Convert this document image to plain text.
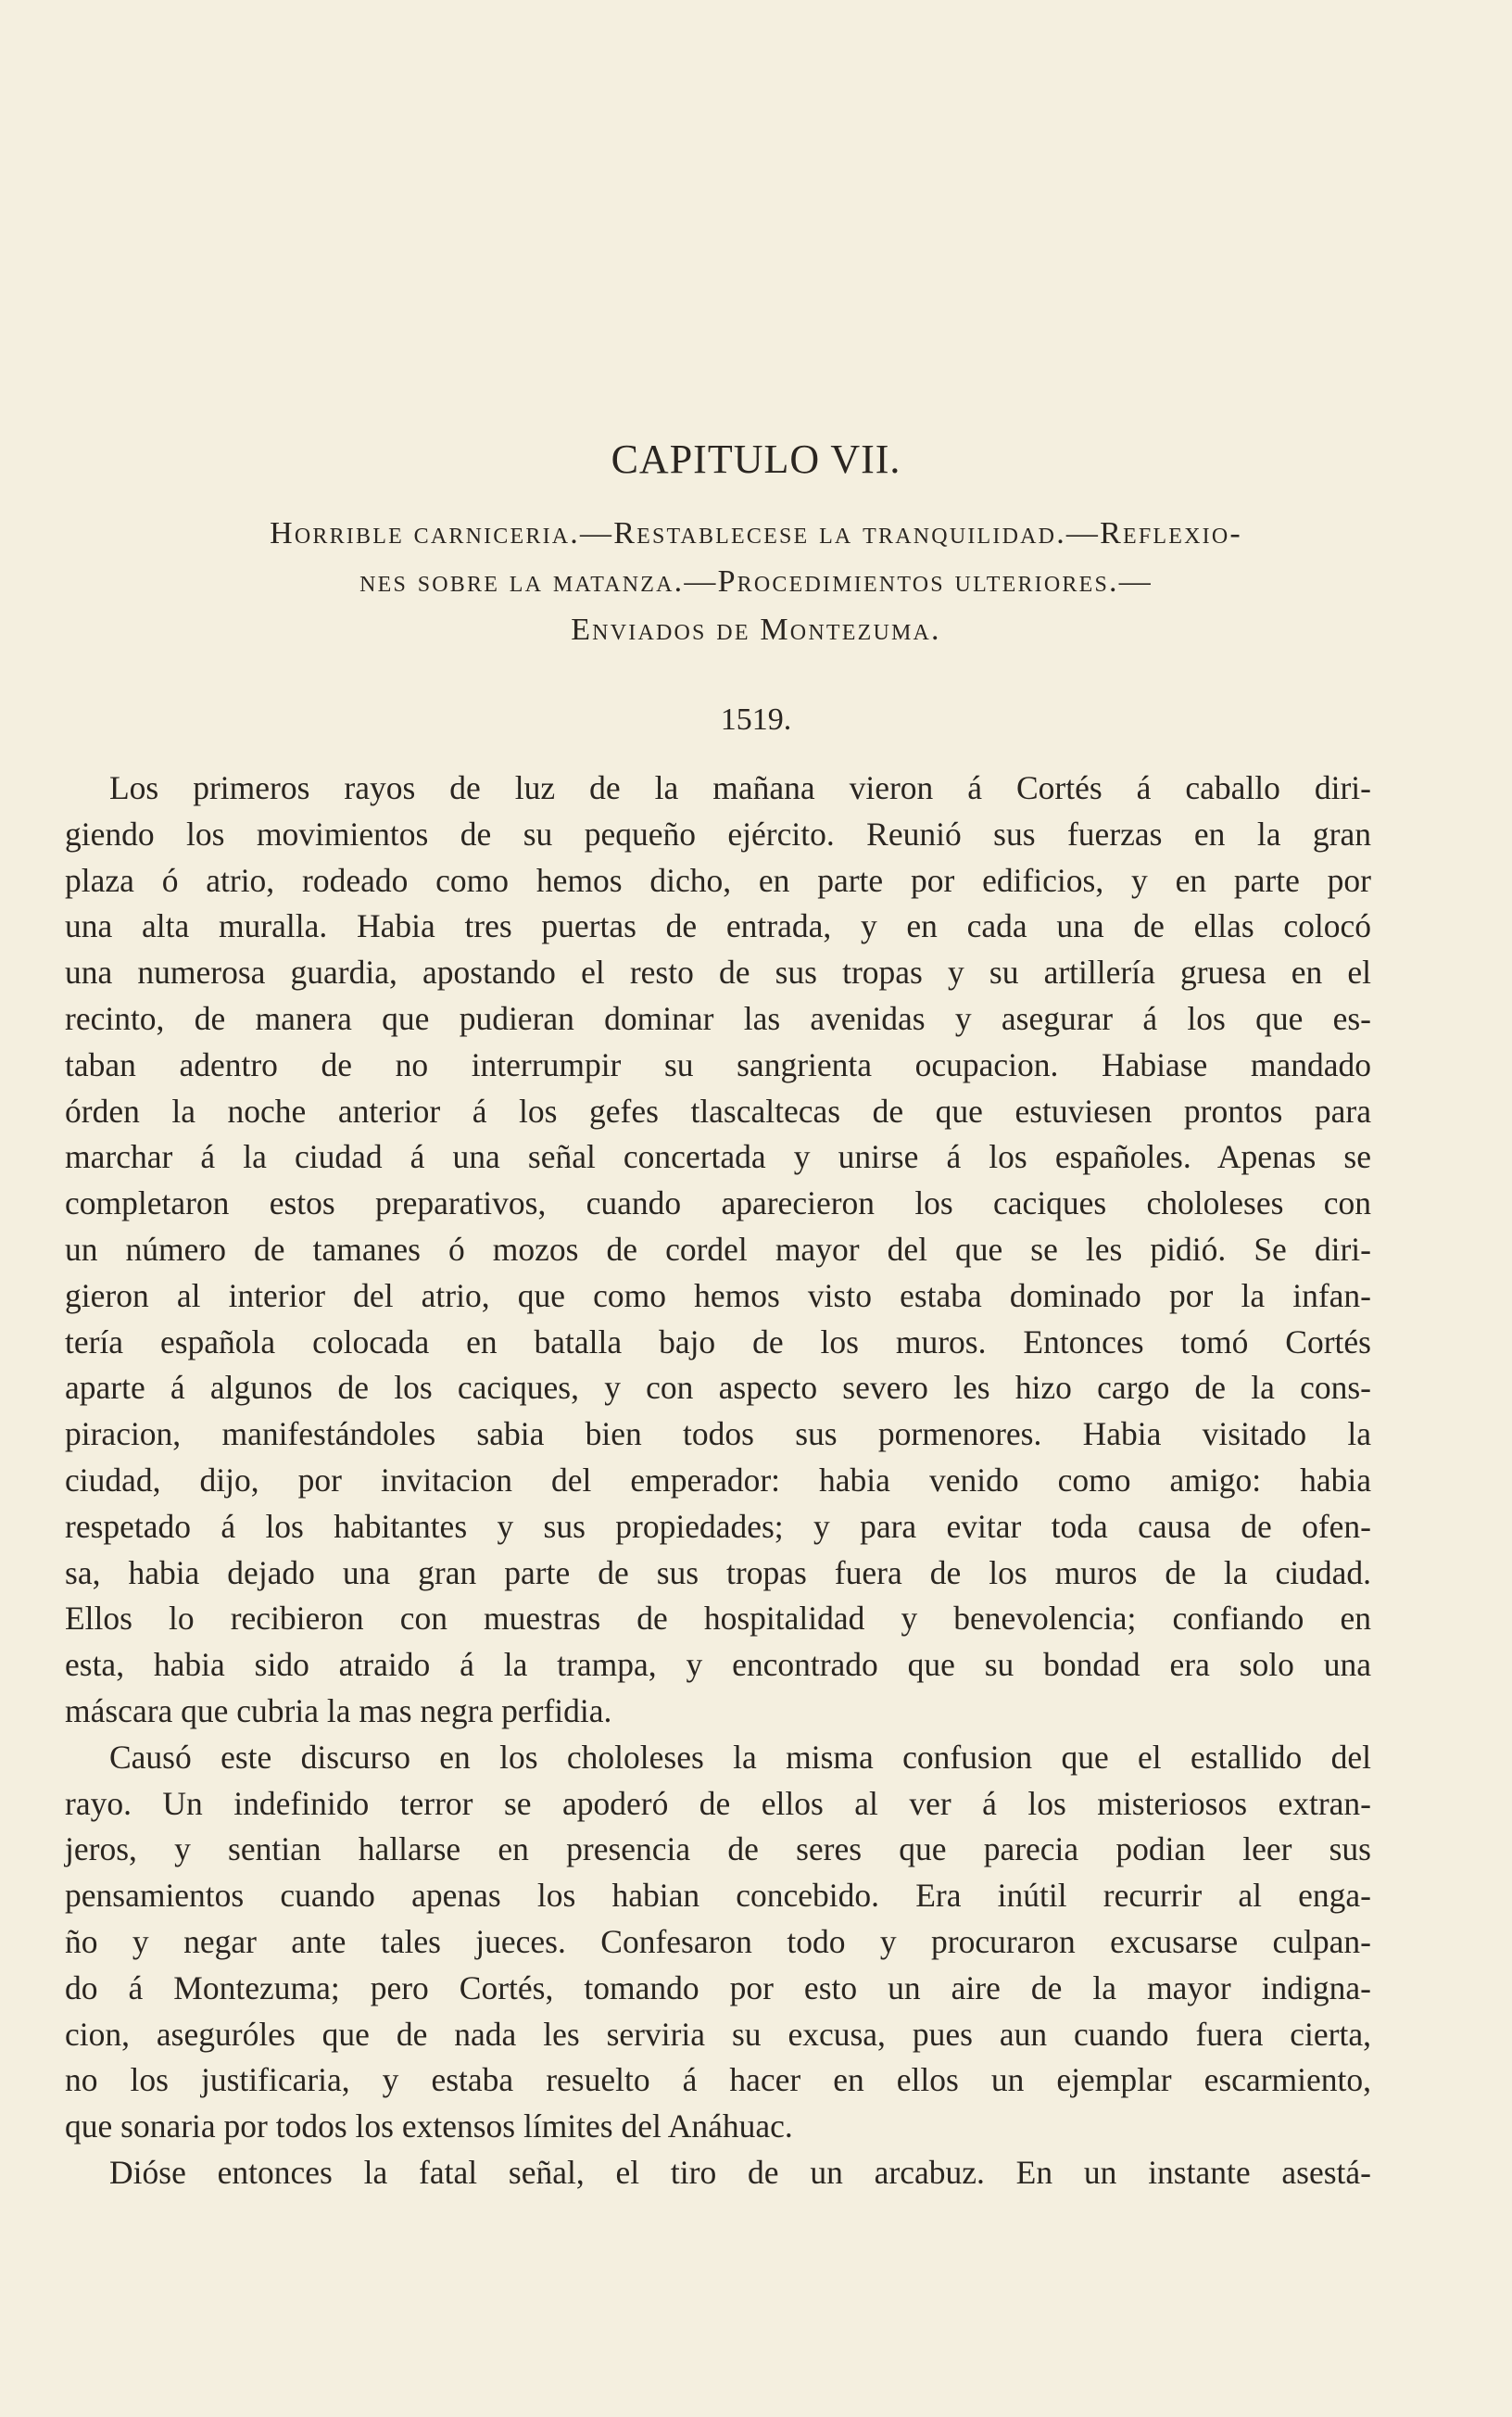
CAPITULO VII.
Horrible carniceria.—Restablecese la tranquilidad.—Reflexio-
nes sobre la matanza.—Procedimientos ulteriores.—
Enviados de Montezuma.
1519.

Los primeros rayos de luz de la mañana vieron á Cortés á caballo diri-
giendo los movimientos de su pequeño ejército. Reunió sus fuerzas en la gran
plaza ó atrio, rodeado como hemos dicho, en parte por edificios, y en parte por
una alta muralla. Habia tres puertas de entrada, y en cada una de ellas colocó
una numerosa guardia, apostando el resto de sus tropas y su artillería gruesa en el
recinto, de manera que pudieran dominar las avenidas y asegurar á los que es-
taban adentro de no interrumpir su sangrienta ocupacion. Habiase mandado
órden la noche anterior á los gefes tlascaltecas de que estuviesen prontos para
marchar á la ciudad á una señal concertada y unirse á los españoles. Apenas se
completaron estos preparativos, cuando aparecieron los caciques chololeses con
un número de tamanes ó mozos de cordel mayor del que se les pidió. Se diri-
gieron al interior del atrio, que como hemos visto estaba dominado por la infan-
tería española colocada en batalla bajo de los muros. Entonces tomó Cortés
aparte á algunos de los caciques, y con aspecto severo les hizo cargo de la cons-
piracion, manifestándoles sabia bien todos sus pormenores. Habia visitado la
ciudad, dijo, por invitacion del emperador: habia venido como amigo: habia
respetado á los habitantes y sus propiedades; y para evitar toda causa de ofen-
sa, habia dejado una gran parte de sus tropas fuera de los muros de la ciudad.
Ellos lo recibieron con muestras de hospitalidad y benevolencia; confiando en
esta, habia sido atraido á la trampa, y encontrado que su bondad era solo una
máscara que cubria la mas negra perfidia.

Causó este discurso en los chololeses la misma confusion que el estallido del
rayo. Un indefinido terror se apoderó de ellos al ver á los misteriosos extran-
jeros, y sentian hallarse en presencia de seres que parecia podian leer sus
pensamientos cuando apenas los habian concebido. Era inútil recurrir al enga-
ño y negar ante tales jueces. Confesaron todo y procuraron excusarse culpan-
do á Montezuma; pero Cortés, tomando por esto un aire de la mayor indigna-
cion, aseguróles que de nada les serviria su excusa, pues aun cuando fuera cierta,
no los justificaria, y estaba resuelto á hacer en ellos un ejemplar escarmiento,
que sonaria por todos los extensos límites del Anáhuac.

Dióse entonces la fatal señal, el tiro de un arcabuz. En un instante asestá-
